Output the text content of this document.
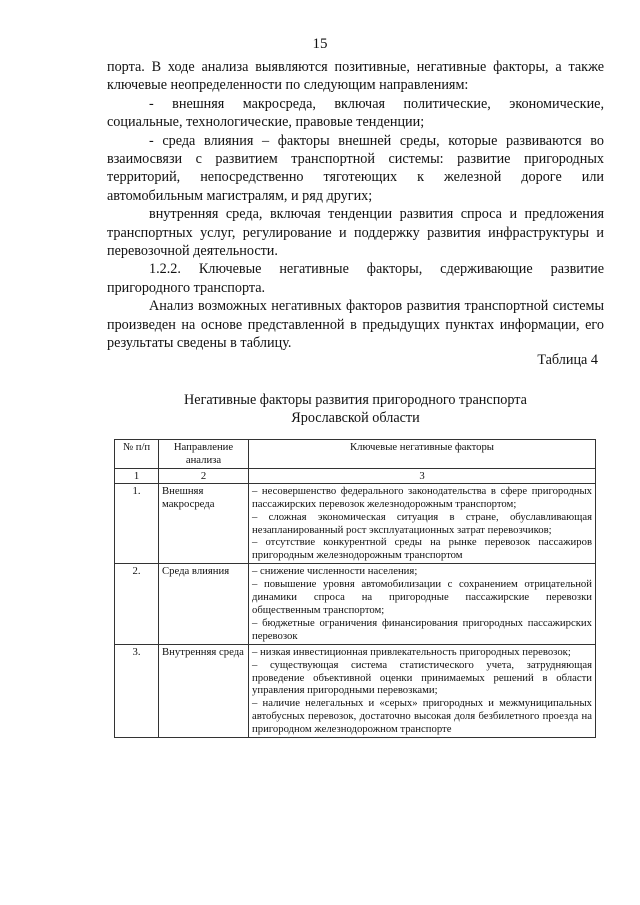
15

порта. В ходе анализа выявляются позитивные, негативные факторы, а также ключевые неопределенности по следующим направлениям:

- внешняя макросреда, включая политические, экономические, социальные, технологические, правовые тенденции;

- среда влияния – факторы внешней среды, которые развиваются во взаимосвязи с развитием транспортной системы: развитие пригородных территорий, непосредственно тяготеющих к железной дороге или автомобильным магистралям, и ряд других;

внутренняя среда, включая тенденции развития спроса и предложения транспортных услуг, регулирование и поддержку развития инфраструктуры и перевозочной деятельности.

1.2.2. Ключевые негативные факторы, сдерживающие развитие пригородного транспорта.

Анализ возможных негативных факторов развития транспортной системы произведен на основе представленной в предыдущих пунктах информации, его результаты сведены в таблицу.

Таблица 4
Негативные факторы развития пригородного транспорта
Ярославской области
№ п/п	Направление анализа	Ключевые негативные факторы
1	2	3
1.	Внешняя макросреда	– несовершенство федерального законодательства в сфере пригородных пассажирских перевозок железнодорожным транспортом;
– сложная экономическая ситуация в стране, обуславливающая незапланированный рост эксплуатационных затрат перевозчиков;
– отсутствие конкурентной среды на рынке перевозок пассажиров пригородным железнодорожным транспортом

2.	Среда влияния	– снижение численности населения;
– повышение уровня автомобилизации с сохранением отрицательной динамики спроса на пригородные пассажирские перевозки общественным транспортом;
– бюджетные ограничения финансирования пригородных пассажирских перевозок

3.	Внутренняя среда	– низкая инвестиционная привлекательность пригородных перевозок;
– существующая система статистического учета, затрудняющая проведение объективной оценки принимаемых решений в области управления пригородными перевозками;
– наличие нелегальных и «серых» пригородных и межмуниципальных автобусных перевозок, достаточно высокая доля безбилетного проезда на пригородном железнодорожном транспорте
